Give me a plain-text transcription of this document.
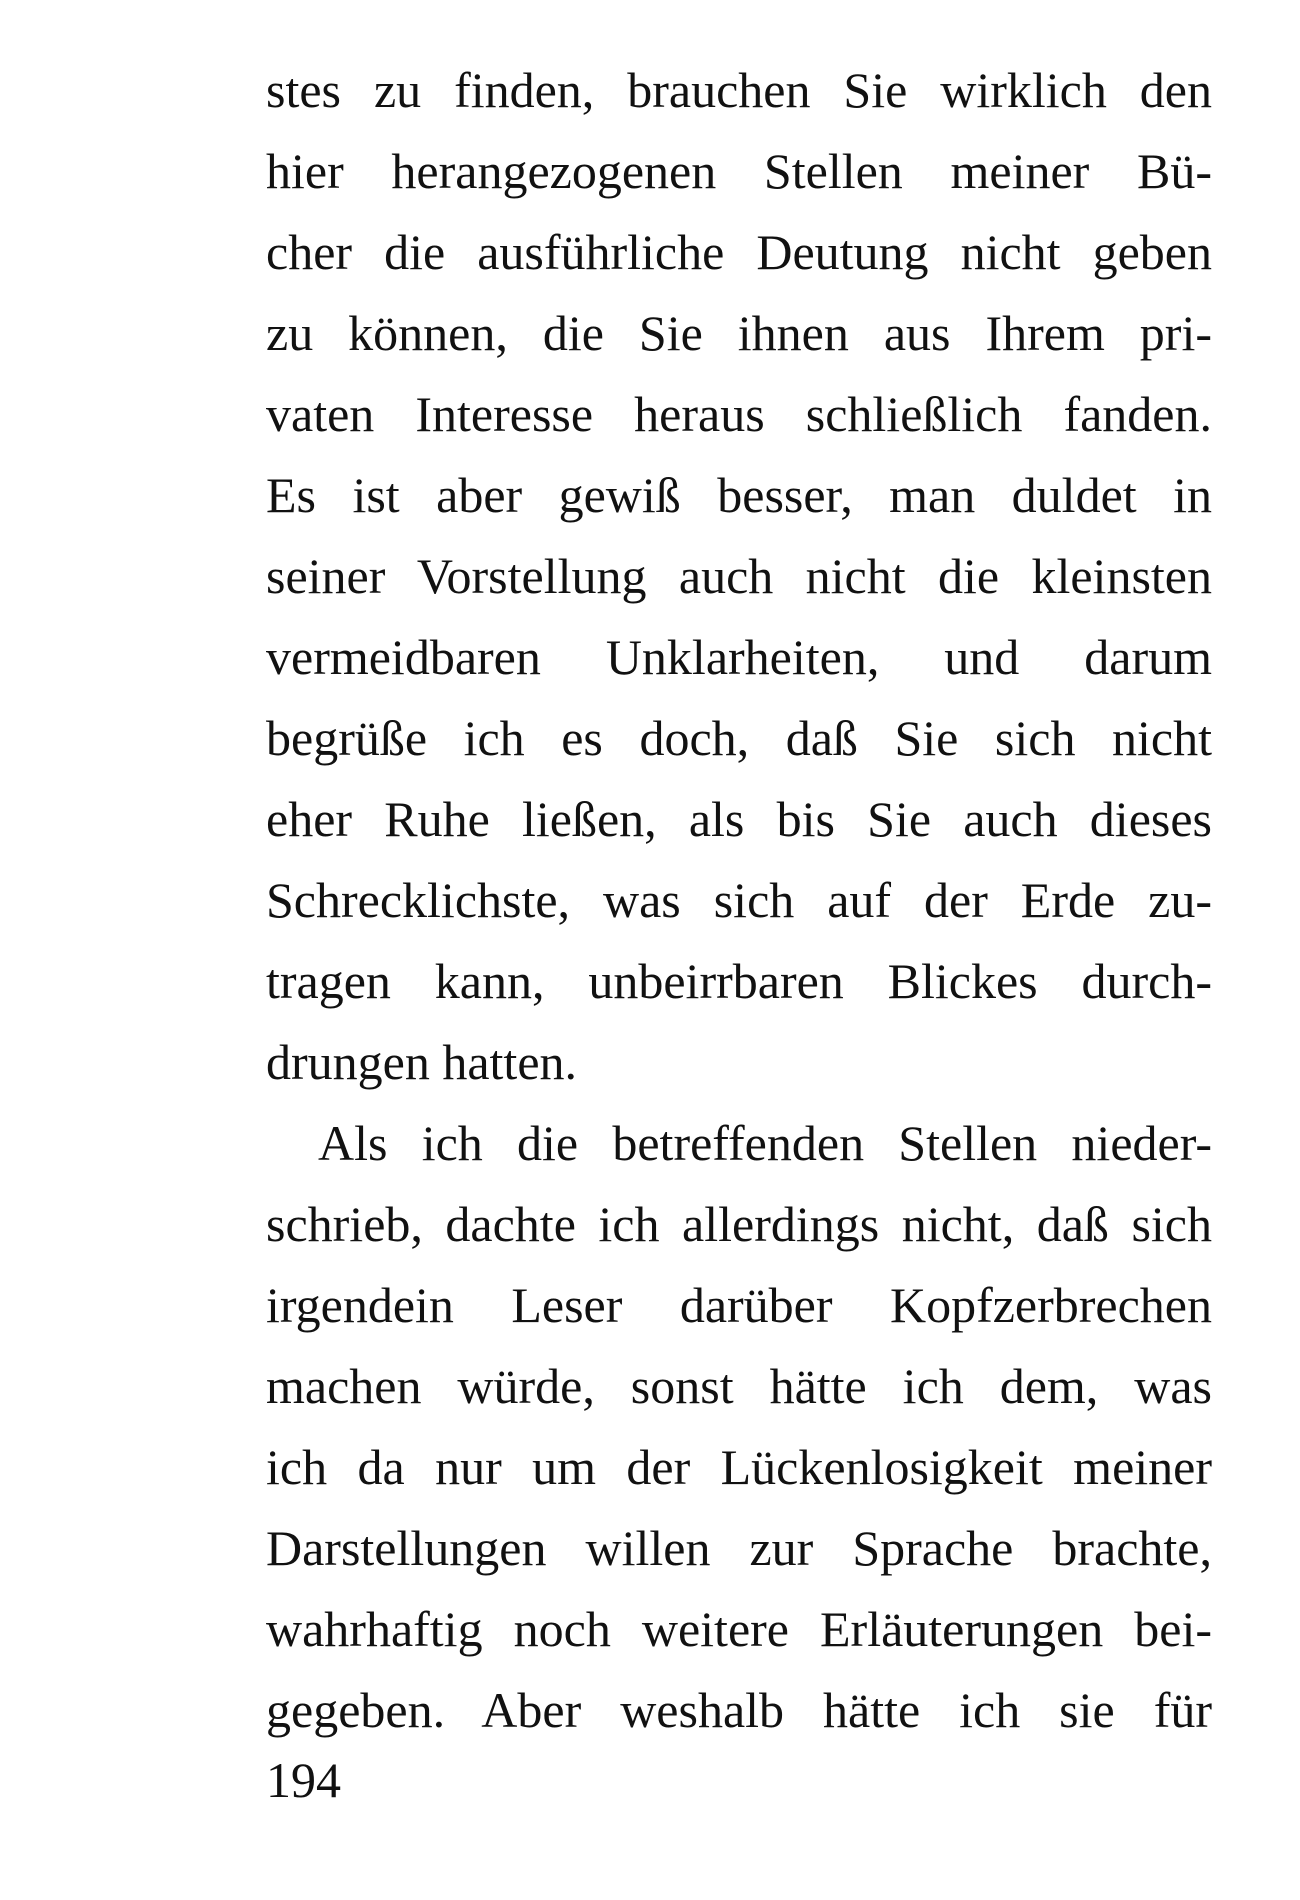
stes zu finden, brauchen Sie wirklich den
hier herangezogenen Stellen meiner Bü-
cher die ausführliche Deutung nicht geben
zu können, die Sie ihnen aus Ihrem pri-
vaten Interesse heraus schließlich fanden.
Es ist aber gewiß besser, man duldet in
seiner Vorstellung auch nicht die kleinsten
vermeidbaren Unklarheiten, und darum
begrüße ich es doch, daß Sie sich nicht
eher Ruhe ließen, als bis Sie auch dieses
Schrecklichste, was sich auf der Erde zu-
tragen kann, unbeirrbaren Blickes durch-
drungen hatten.
Als ich die betreffenden Stellen nieder-
schrieb, dachte ich allerdings nicht, daß sich
irgendein Leser darüber Kopfzerbrechen
machen würde, sonst hätte ich dem, was
ich da nur um der Lückenlosigkeit meiner
Darstellungen willen zur Sprache brachte,
wahrhaftig noch weitere Erläuterungen bei-
gegeben. Aber weshalb hätte ich sie für
194
